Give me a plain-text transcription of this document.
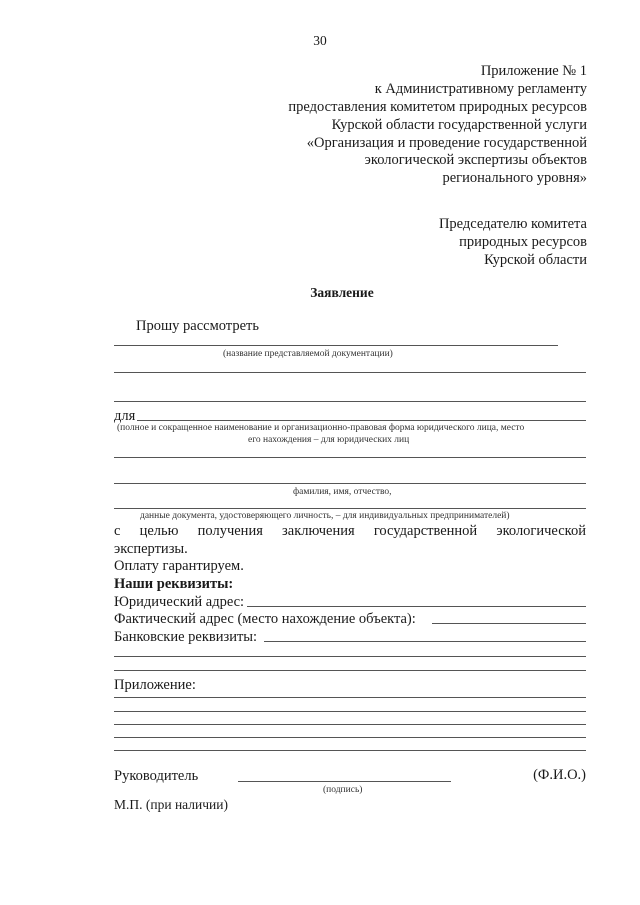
30
Приложение № 1
к Административному регламенту
предоставления комитетом природных ресурсов
Курской области государственной услуги
«Организация и проведение государственной
экологической экспертизы объектов
регионального уровня»
Председателю комитета
природных ресурсов
Курской области
Заявление
Прошу рассмотреть
(название представляемой документации)
для
(полное и сокращенное наименование и организационно-правовая форма юридического лица, место
его нахождения – для юридических лиц
фамилия, имя, отчество,
данные документа, удостоверяющего личность, – для индивидуальных предпринимателей)
с целью получения заключения государственной экологической
экспертизы.
Оплату гарантируем.
Наши реквизиты:
Юридический адрес:
Фактический адрес (место нахождение объекта):
Банковские реквизиты:
Приложение:
Руководитель	(Ф.И.О.)
(подпись)
М.П. (при наличии)
